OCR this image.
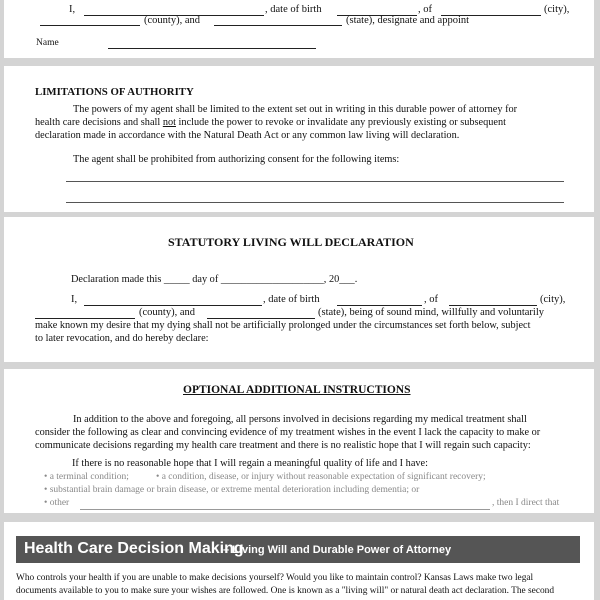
I,	, date of birth	, of	(city),
(county), and	(state), designate and appoint
Name
LIMITATIONS OF AUTHORITY
The powers of my agent shall be limited to the extent set out in writing in this durable power of attorney for
health care decisions and shall not include the power to revoke or invalidate any previously existing or subsequent
declaration made in accordance with the Natural Death Act or any common law living will declaration.
The agent shall be prohibited from authorizing consent for the following items:
STATUTORY LIVING WILL DECLARATION
Declaration made this _____ day of ____________________, 20___.
I,	, date of birth	, of	(city),
(county), and	(state), being of sound mind, willfully and voluntarily
make known my desire that my dying shall not be artificially prolonged under the circumstances set forth below, subject
to later revocation, and do hereby declare:
OPTIONAL ADDITIONAL INSTRUCTIONS
In addition to the above and foregoing, all persons involved in decisions regarding my medical treatment shall
consider the following as clear and convincing evidence of my treatment wishes in the event I lack the capacity to make or
communicate decisions regarding my health care treatment and there is no realistic hope that I will regain such capacity:
If there is no reasonable hope that I will regain a meaningful quality of life and I have:
• a terminal condition;	• a condition, disease, or injury without reasonable expectation of significant recovery;
• substantial brain damage or brain disease, or extreme mental deterioration including dementia; or
• other	, then I direct that
Health Care Decision Making
– Living Will and Durable Power of Attorney
Who controls your health if you are unable to make decisions yourself? Would you like to maintain control? Kansas Laws make two legal
documents available to you to make sure your wishes are followed. One is known as a "living will" or natural death act declaration. The second
